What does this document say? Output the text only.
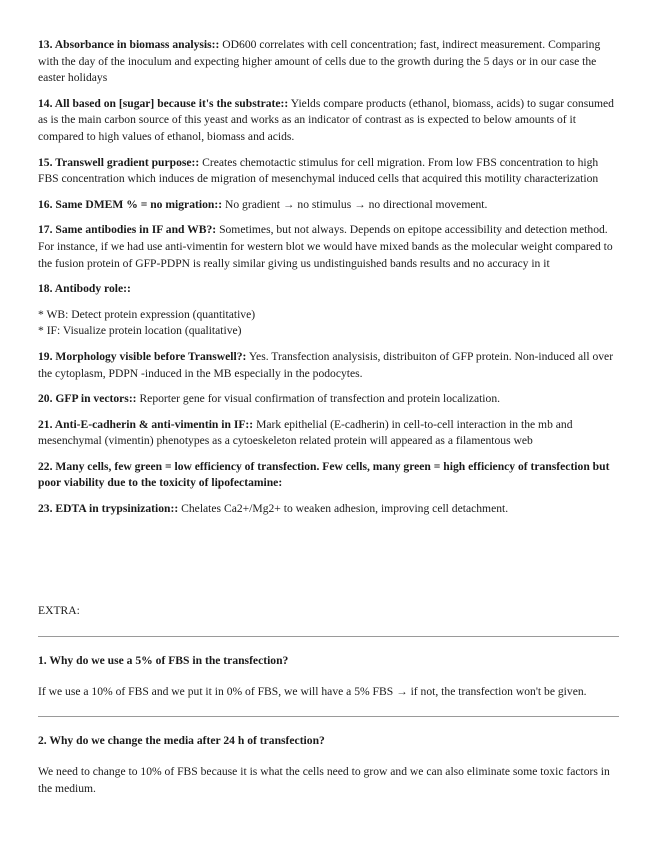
13. Absorbance in biomass analysis:: OD600 correlates with cell concentration; fast, indirect measurement. Comparing with the day of the inoculum and expecting higher amount of cells due to the growth during the 5 days or in our case the easter holidays

14. All based on [sugar] because it's the substrate:: Yields compare products (ethanol, biomass, acids) to sugar consumed as is the main carbon source of this yeast and works as an indicator of contrast as is expected to below amounts of it compared to high values of ethanol, biomass and acids.

15. Transwell gradient purpose:: Creates chemotactic stimulus for cell migration. From low FBS concentration to high FBS concentration which induces de migration of mesenchymal induced cells that acquired this motility characterization

16. Same DMEM % = no migration:: No gradient → no stimulus → no directional movement.

17. Same antibodies in IF and WB?: Sometimes, but not always. Depends on epitope accessibility and detection method. For instance, if we had use anti-vimentin for western blot we would have mixed bands as the molecular weight compared to the fusion protein of GFP-PDPN is really similar giving us undistinguished bands results and no accuracy in it

18. Antibody role::

* WB: Detect protein expression (quantitative)

* IF: Visualize protein location (qualitative)

19. Morphology visible before Transwell?: Yes. Transfection analysisis, distribuiton of GFP protein. Non-induced all over the cytoplasm, PDPN -induced in the MB especially in the podocytes.

20. GFP in vectors:: Reporter gene for visual confirmation of transfection and protein localization.

21. Anti-E-cadherin & anti-vimentin in IF:: Mark epithelial (E-cadherin) in cell-to-cell interaction in the mb and mesenchymal (vimentin) phenotypes as a cytoeskeleton related protein will appeared as a filamentous web

22. Many cells, few green = low efficiency of transfection. Few cells, many green = high efficiency of transfection but poor viability due to the toxicity of lipofectamine:

23. EDTA in trypsinization:: Chelates Ca2+/Mg2+ to weaken adhesion, improving cell detachment.

EXTRA:

1. Why do we use a 5% of FBS in the transfection?

If we use a 10% of FBS and we put it in 0% of FBS, we will have a 5% FBS → if not, the transfection won't be given.

2. Why do we change the media after 24 h of transfection?

We need to change to 10% of FBS because it is what the cells need to grow and we can also eliminate some toxic factors in the medium.
